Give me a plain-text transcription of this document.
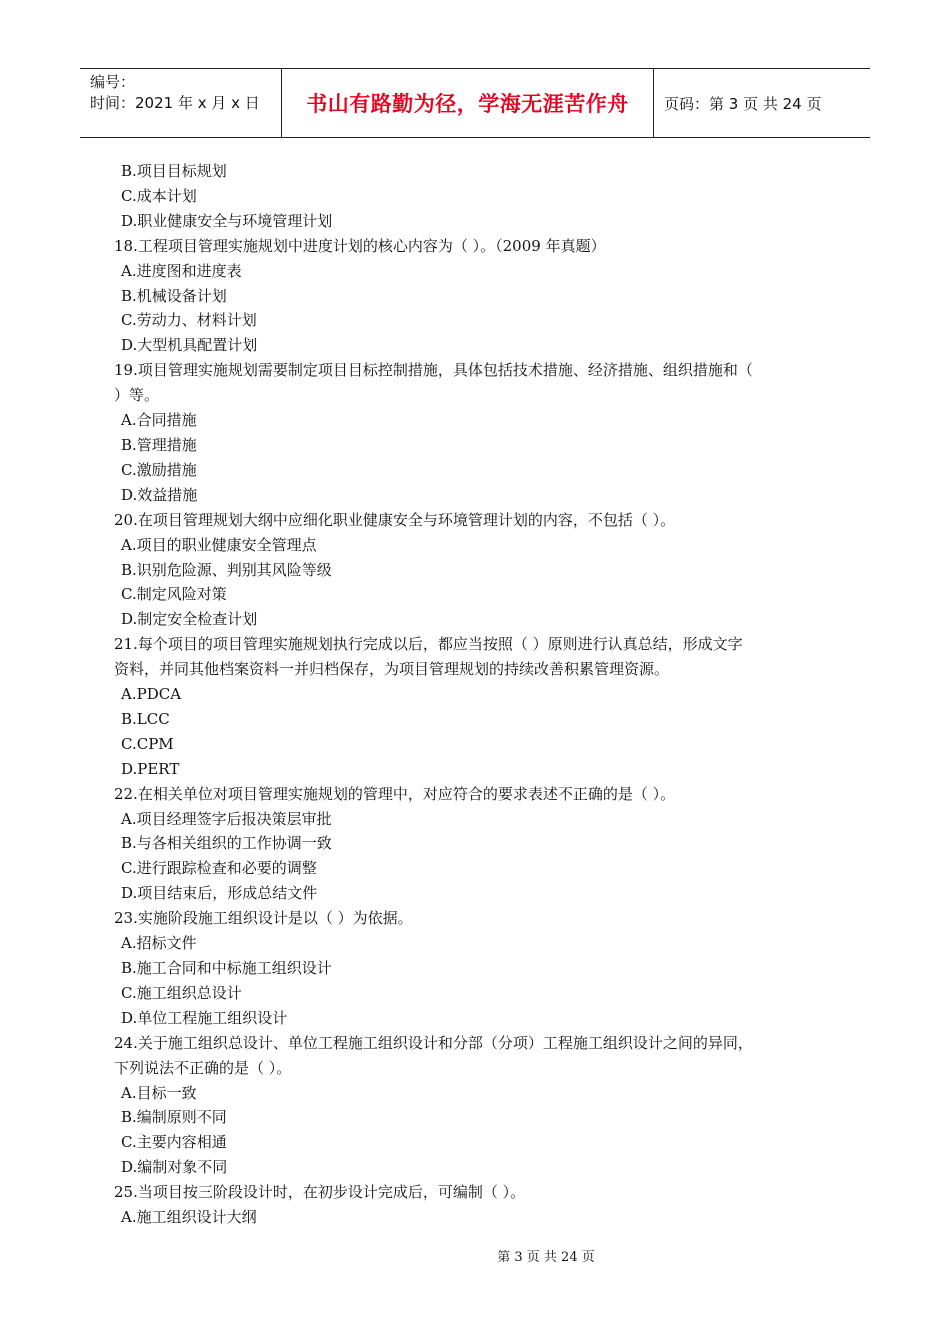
编号：
时间：2021 年 x 月 x 日	书山有路勤为径，学海无涯苦作舟 页码：第 3 页 共 24 页
B.项目目标规划
C.成本计划
D.职业健康安全与环境管理计划
18.工程项目管理实施规划中进度计划的核心内容为（ ）。（2009 年真题）
A.进度图和进度表
B.机械设备计划
C.劳动力、材料计划
D.大型机具配置计划
19.项目管理实施规划需要制定项目目标控制措施，具体包括技术措施、经济措施、组织措施和（
）等。
A.合同措施
B.管理措施
C.激励措施
D.效益措施
20.在项目管理规划大纲中应细化职业健康安全与环境管理计划的内容，不包括（ ）。
A.项目的职业健康安全管理点
B.识别危险源、判别其风险等级
C.制定风险对策
D.制定安全检查计划
21.每个项目的项目管理实施规划执行完成以后，都应当按照（ ）原则进行认真总结，形成文字
资料，并同其他档案资料一并归档保存，为项目管理规划的持续改善积累管理资源。
A.PDCA
B.LCC
C.CPM
D.PERT
22.在相关单位对项目管理实施规划的管理中，对应符合的要求表述不正确的是（ ）。
A.项目经理签字后报决策层审批
B.与各相关组织的工作协调一致
C.进行跟踪检查和必要的调整
D.项目结束后，形成总结文件
23.实施阶段施工组织设计是以（ ）为依据。
A.招标文件
B.施工合同和中标施工组织设计
C.施工组织总设计
D.单位工程施工组织设计
24.关于施工组织总设计、单位工程施工组织设计和分部（分项）工程施工组织设计之间的异同，
下列说法不正确的是（ ）。
A.目标一致
B.编制原则不同
C.主要内容相通
D.编制对象不同
25.当项目按三阶段设计时，在初步设计完成后，可编制（ ）。
A.施工组织设计大纲
第 3 页 共 24 页
